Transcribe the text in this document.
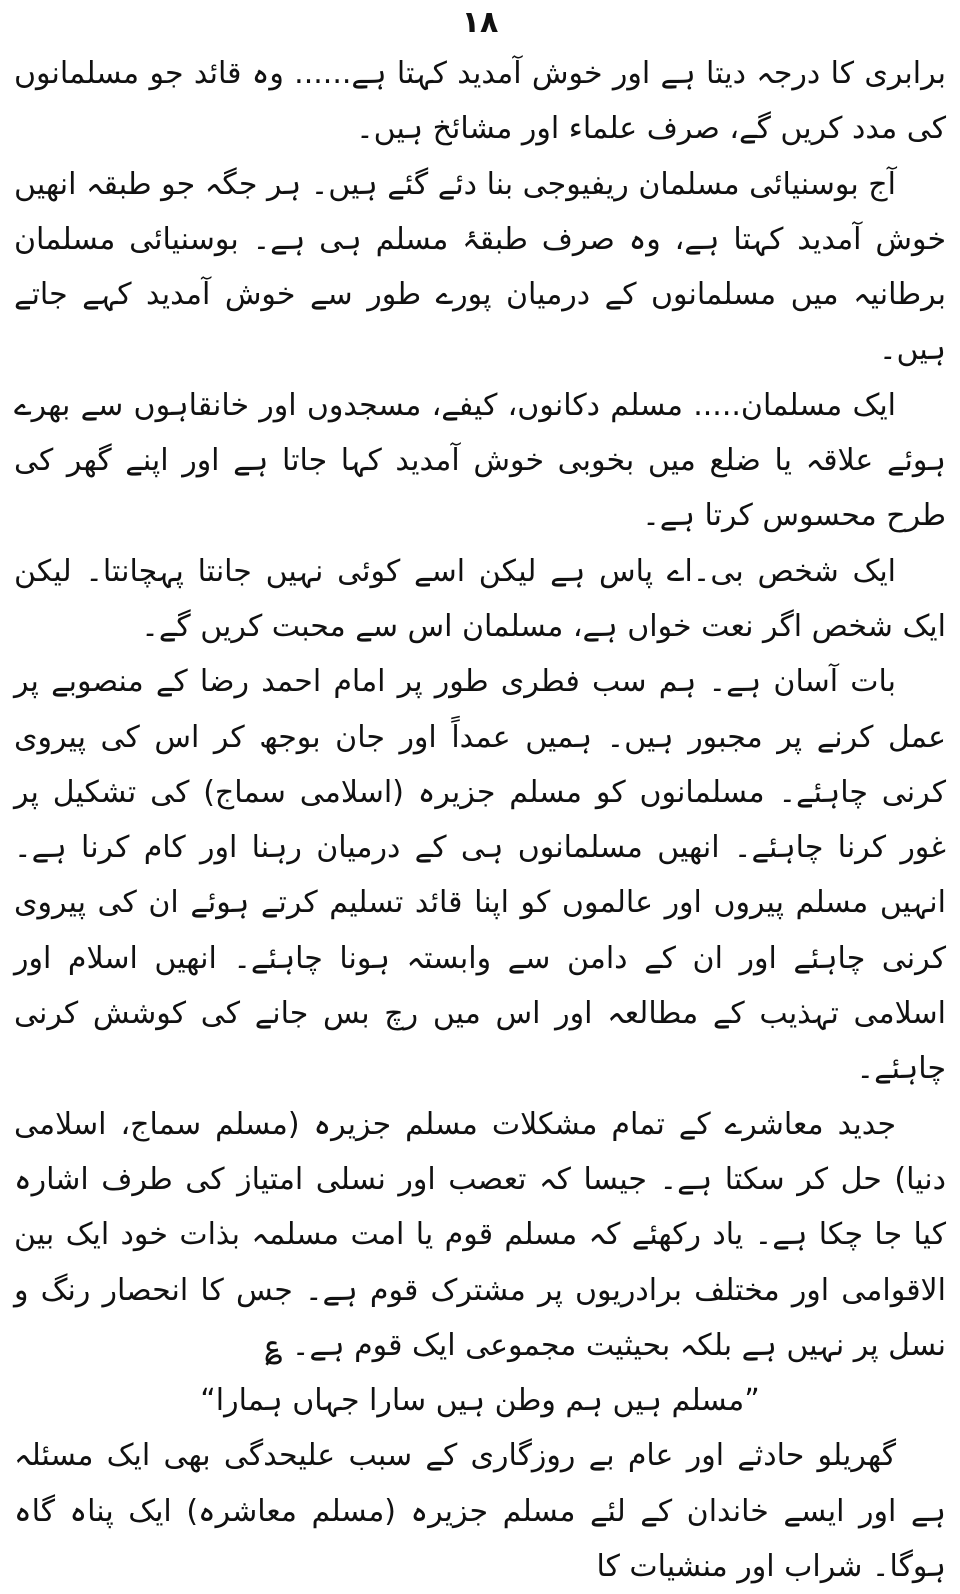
۱۸

برابری کا درجہ دیتا ہے اور خوش آمدید کہتا ہے...... وہ قائد جو مسلمانوں کی مدد کریں گے، صرف علماء اور مشائخ ہیں۔

آج بوسنیائی مسلمان ریفیوجی بنا دئے گئے ہیں۔ ہر جگہ جو طبقہ انھیں خوش آمدید کہتا ہے، وہ صرف طبقۂ مسلم ہی ہے۔ بوسنیائی مسلمان برطانیہ میں مسلمانوں کے درمیان پورے طور سے خوش آمدید کہے جاتے ہیں۔

ایک مسلمان..... مسلم دکانوں، کیفے، مسجدوں اور خانقاہوں سے بھرے ہوئے علاقہ یا ضلع میں بخوبی خوش آمدید کہا جاتا ہے اور اپنے گھر کی طرح محسوس کرتا ہے۔

ایک شخص بی۔اے پاس ہے لیکن اسے کوئی نہیں جانتا پہچانتا۔ لیکن ایک شخص اگر نعت خواں ہے، مسلمان اس سے محبت کریں گے۔

بات آسان ہے۔ ہم سب فطری طور پر امام احمد رضا کے منصوبے پر عمل کرنے پر مجبور ہیں۔ ہمیں عمداً اور جان بوجھ کر اس کی پیروی کرنی چاہئے۔ مسلمانوں کو مسلم جزیرہ (اسلامی سماج) کی تشکیل پر غور کرنا چاہئے۔ انھیں مسلمانوں ہی کے درمیان رہنا اور کام کرنا ہے۔ انہیں مسلم پیروں اور عالموں کو اپنا قائد تسلیم کرتے ہوئے ان کی پیروی کرنی چاہئے اور ان کے دامن سے وابستہ ہونا چاہئے۔ انھیں اسلام اور اسلامی تہذیب کے مطالعہ اور اس میں رچ بس جانے کی کوشش کرنی چاہئے۔

جدید معاشرے کے تمام مشکلات مسلم جزیرہ (مسلم سماج، اسلامی دنیا) حل کر سکتا ہے۔ جیسا کہ تعصب اور نسلی امتیاز کی طرف اشارہ کیا جا چکا ہے۔ یاد رکھئے کہ مسلم قوم یا امت مسلمہ بذات خود ایک بین الاقوامی اور مختلف برادریوں پر مشترک قوم ہے۔ جس کا انحصار رنگ و نسل پر نہیں ہے بلکہ بحیثیت مجموعی ایک قوم ہے۔ ؏

”مسلم ہیں ہم وطن ہیں سارا جہاں ہمارا“

گھریلو حادثے اور عام بے روزگاری کے سبب علیحدگی بھی ایک مسئلہ ہے اور ایسے خاندان کے لئے مسلم جزیرہ (مسلم معاشرہ) ایک پناہ گاہ ہوگا۔ شراب اور منشیات کا
